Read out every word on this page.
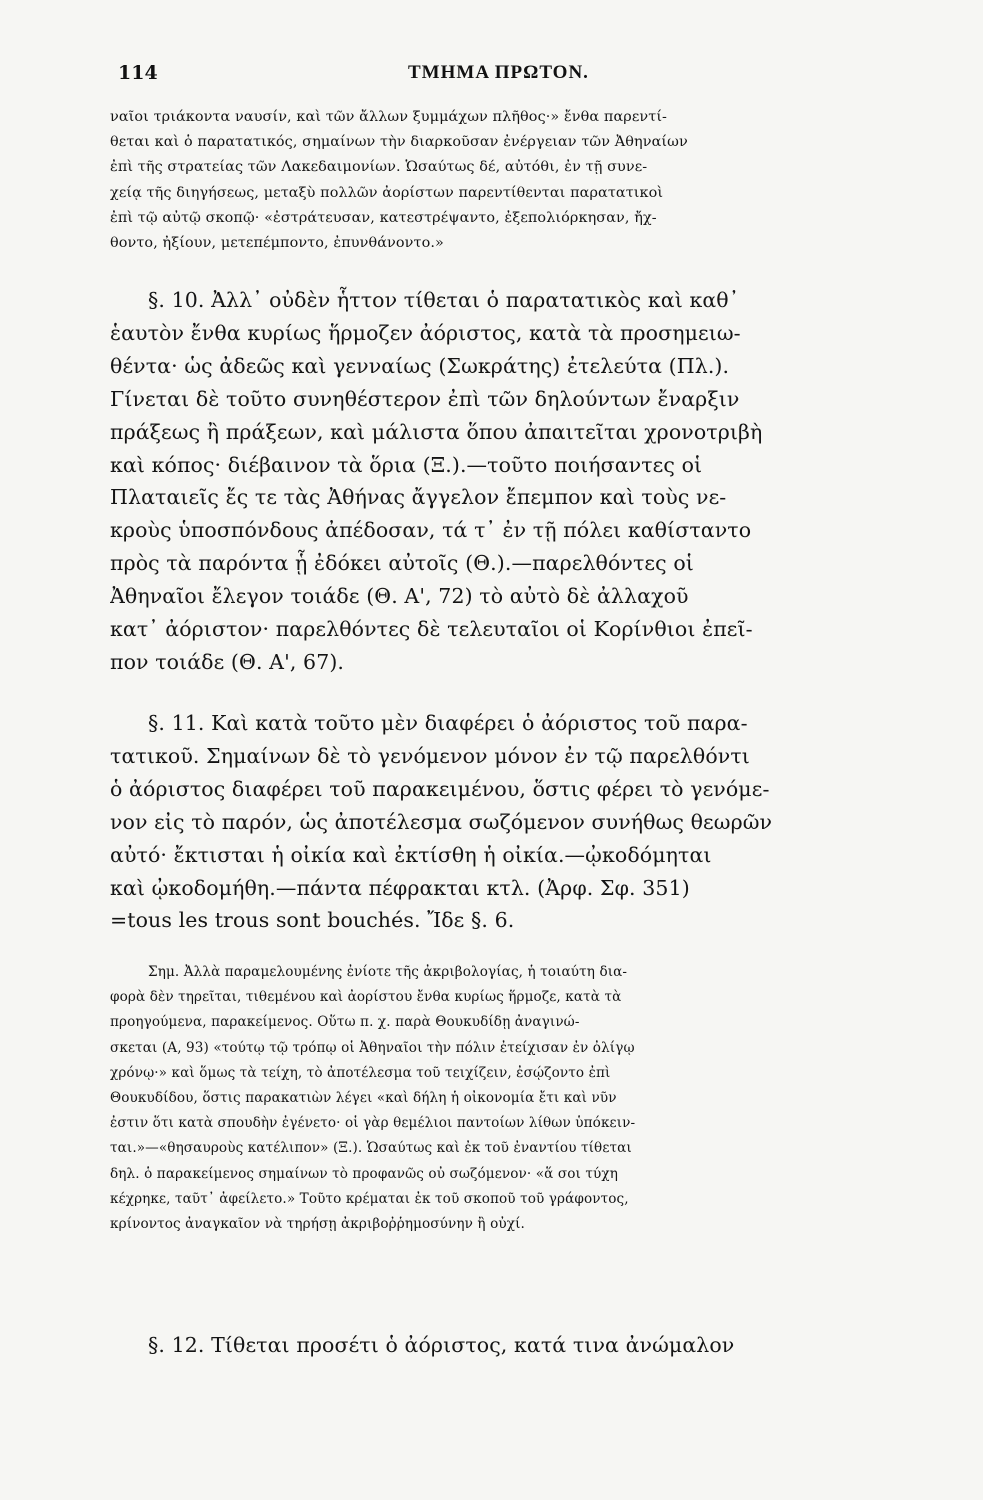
114	ΤΜΗΜΑ ΠΡΩΤΟΝ.
ναῖοι τριάκοντα ναυσίν, καὶ τῶν ἄλλων ξυμμάχων πλῆθος·» ἔνθα παρεντί-
θεται καὶ ὁ παρατατικός, σημαίνων τὴν διαρκοῦσαν ἐνέργειαν τῶν Ἀθηναίων
ἐπὶ τῆς στρατείας τῶν Λακεδαιμονίων. Ὡσαύτως δέ, αὐτόθι, ἐν τῇ συνε-
χείᾳ τῆς διηγήσεως, μεταξὺ πολλῶν ἀορίστων παρεντίθενται παρατατικοὶ
ἐπὶ τῷ αὐτῷ σκοπῷ· «ἐστράτευσαν, κατεστρέψαντο, ἐξεπολιόρκησαν, ἤχ-
θοντο, ἠξίουν, μετεπέμποντο, ἐπυνθάνοντο.»
§. 10. Ἀλλ᾽ οὐδὲν ἧττον τίθεται ὁ παρατατικὸς καὶ καθ᾽
ἑαυτὸν ἔνθα κυρίως ἥρμοζεν ἀόριστος, κατὰ τὰ προσημειω-
θέντα· ὡς ἀδεῶς καὶ γενναίως (Σωκράτης) ἐτελεύτα (Πλ.).
Γίνεται δὲ τοῦτο συνηθέστερον ἐπὶ τῶν δηλούντων ἔναρξιν
πράξεως ἢ πράξεων, καὶ μάλιστα ὅπου ἀπαιτεῖται χρονοτριβὴ
καὶ κόπος· διέβαινον τὰ ὅρια (Ξ.).—τοῦτο ποιήσαντες οἱ
Πλαταιεῖς ἔς τε τὰς Ἀθήνας ἄγγελον ἔπεμπον καὶ τοὺς νε-
κροὺς ὑποσπόνδους ἀπέδοσαν, τά τ᾽ ἐν τῇ πόλει καθίσταντο
πρὸς τὰ παρόντα ᾗ ἐδόκει αὐτοῖς (Θ.).—παρελθόντες οἱ
Ἀθηναῖοι ἔλεγον τοιάδε (Θ. Α', 72) τὸ αὐτὸ δὲ ἀλλαχοῦ
κατ᾽ ἀόριστον· παρελθόντες δὲ τελευταῖοι οἱ Κορίνθιοι ἐπεῖ-
πον τοιάδε (Θ. Α', 67).
§. 11. Καὶ κατὰ τοῦτο μὲν διαφέρει ὁ ἀόριστος τοῦ παρα-
τατικοῦ. Σημαίνων δὲ τὸ γενόμενον μόνον ἐν τῷ παρελθόντι
ὁ ἀόριστος διαφέρει τοῦ παρακειμένου, ὅστις φέρει τὸ γενόμε-
νον εἰς τὸ παρόν, ὡς ἀποτέλεσμα σωζόμενον συνήθως θεωρῶν
αὐτό· ἔκτισται ἡ οἰκία καὶ ἐκτίσθη ἡ οἰκία.—ᾠκοδόμηται
καὶ ᾠκοδομήθη.—πάντα πέφρακται κτλ. (Ἀρφ. Σφ. 351)
=tous les trous sont bouchés. Ἴδε §. 6.
Σημ. Ἀλλὰ παραμελουμένης ἐνίοτε τῆς ἀκριβολογίας, ἡ τοιαύτη δια-
φορὰ δὲν τηρεῖται, τιθεμένου καὶ ἀορίστου ἔνθα κυρίως ἥρμοζε, κατὰ τὰ
προηγούμενα, παρακείμενος. Οὕτω π. χ. παρὰ Θουκυδίδῃ ἀναγινώ-
σκεται (Α, 93) «τούτῳ τῷ τρόπῳ οἱ Ἀθηναῖοι τὴν πόλιν ἐτείχισαν ἐν ὀλίγῳ
χρόνῳ·» καὶ ὅμως τὰ τείχη, τὸ ἀποτέλεσμα τοῦ τειχίζειν, ἐσῴζοντο ἐπὶ
Θουκυδίδου, ὅστις παρακατιὼν λέγει «καὶ δήλη ἡ οἰκονομία ἔτι καὶ νῦν
ἐστιν ὅτι κατὰ σπουδὴν ἐγένετο· οἱ γὰρ θεμέλιοι παντοίων λίθων ὑπόκειν-
ται.»—«θησαυροὺς κατέλιπον» (Ξ.). Ὡσαύτως καὶ ἐκ τοῦ ἐναντίου τίθεται
δηλ. ὁ παρακείμενος σημαίνων τὸ προφανῶς οὐ σωζόμενον· «ἅ σοι τύχη
κέχρηκε, ταῦτ᾽ ἀφείλετο.» Τοῦτο κρέμαται ἐκ τοῦ σκοποῦ τοῦ γράφοντος,
κρίνοντος ἀναγκαῖον νὰ τηρήσῃ ἀκριβοῤῥημοσύνην ἢ οὐχί.
§. 12. Τίθεται προσέτι ὁ ἀόριστος, κατά τινα ἀνώμαλον
